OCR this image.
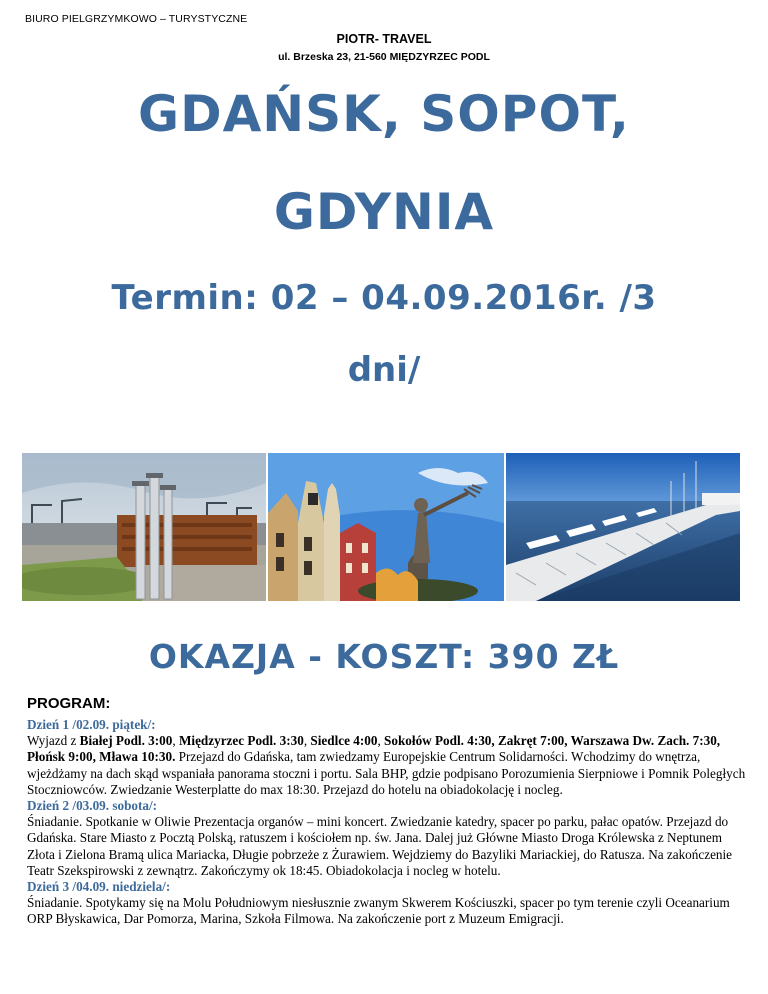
BIURO PIELGRZYMKOWO – TURYSTYCZNE
PIOTR- TRAVEL
ul. Brzeska 23, 21-560 MIĘDZYRZEC PODL
GDAŃSK, SOPOT,
GDYNIA
Termin: 02 – 04.09.2016r. /3
dni/
OKAZJA - KOSZT: 390 ZŁ
PROGRAM:

Dzień 1 /02.09. piątek/:

Wyjazd z Białej Podl. 3:00, Międzyrzec Podl. 3:30, Siedlce 4:00, Sokołów Podl. 4:30, Zakręt 7:00, Warszawa Dw. Zach. 7:30, Płońsk 9:00, Mława 10:30. Przejazd do Gdańska, tam zwiedzamy Europejskie Centrum Solidarności. Wchodzimy do wnętrza, wjeżdżamy na dach skąd wspaniała panorama stoczni i portu. Sala BHP, gdzie podpisano Porozumienia Sierpniowe i Pomnik Poległych Stoczniowców. Zwiedzanie Westerplatte do max 18:30. Przejazd do hotelu na obiadokolację i nocleg.

Dzień 2 /03.09. sobota/:

Śniadanie. Spotkanie w Oliwie Prezentacja organów – mini koncert. Zwiedzanie katedry, spacer po parku, pałac opatów. Przejazd do Gdańska. Stare Miasto z Pocztą Polską, ratuszem i kościołem np. św. Jana. Dalej już Główne Miasto Droga Królewska z Neptunem Złota i Zielona Bramą ulica Mariacka, Długie pobrzeże z Żurawiem. Wejdziemy do Bazyliki Mariackiej, do Ratusza. Na zakończenie Teatr Szekspirowski z zewnątrz. Zakończymy ok 18:45. Obiadokolacja i nocleg w hotelu.

Dzień 3 /04.09. niedziela/:

Śniadanie. Spotykamy się na Molu Południowym niesłusznie zwanym Skwerem Kościuszki, spacer po tym terenie czyli Oceanarium ORP Błyskawica, Dar Pomorza, Marina, Szkoła Filmowa. Na zakończenie port z Muzeum Emigracji.
